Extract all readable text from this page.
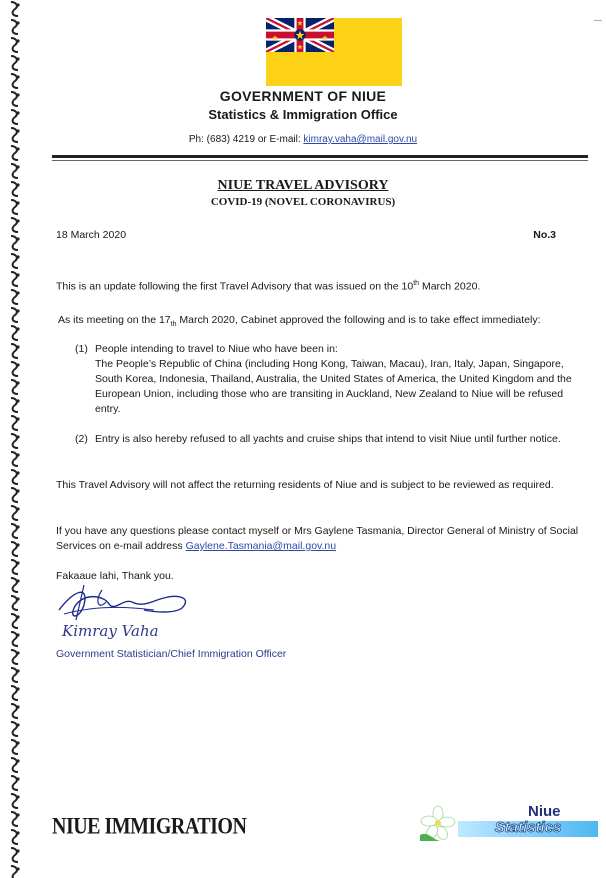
GOVERNMENT OF NIUE
Statistics & Immigration Office
Ph: (683) 4219 or E-mail: kimray.vaha@mail.gov.nu
NIUE TRAVEL ADVISORY
COVID-19 (NOVEL CORONAVIRUS)
18 March 2020	No.3
This is an update following the first Travel Advisory that was issued on the 10th March 2020.
As its meeting on the $17_{th}$ March 2020, Cabinet approved the following and is to take effect immediately:
(1) People intending to travel to Niue who have been in:
The People’s Republic of China (including Hong Kong, Taiwan, Macau), Iran, Italy, Japan, Singapore, South Korea, Indonesia, Thailand, Australia, the United States of America, the United Kingdom and the European Union, including those who are transiting in Auckland, New Zealand to Niue will be refused entry.
(2) Entry is also hereby refused to all yachts and cruise ships that intend to visit Niue until further notice.
This Travel Advisory will not affect the returning residents of Niue and is subject to be reviewed as required.
If you have any questions please contact myself or Mrs Gaylene Tasmania, Director General of Ministry of Social Services on e-mail address Gaylene.Tasmania@mail.gov.nu
Fakaaue lahi, Thank you.
Kimray Vaha
Government Statistician/Chief Immigration Officer
NIUE IMMIGRATION	Statistics
Niue
